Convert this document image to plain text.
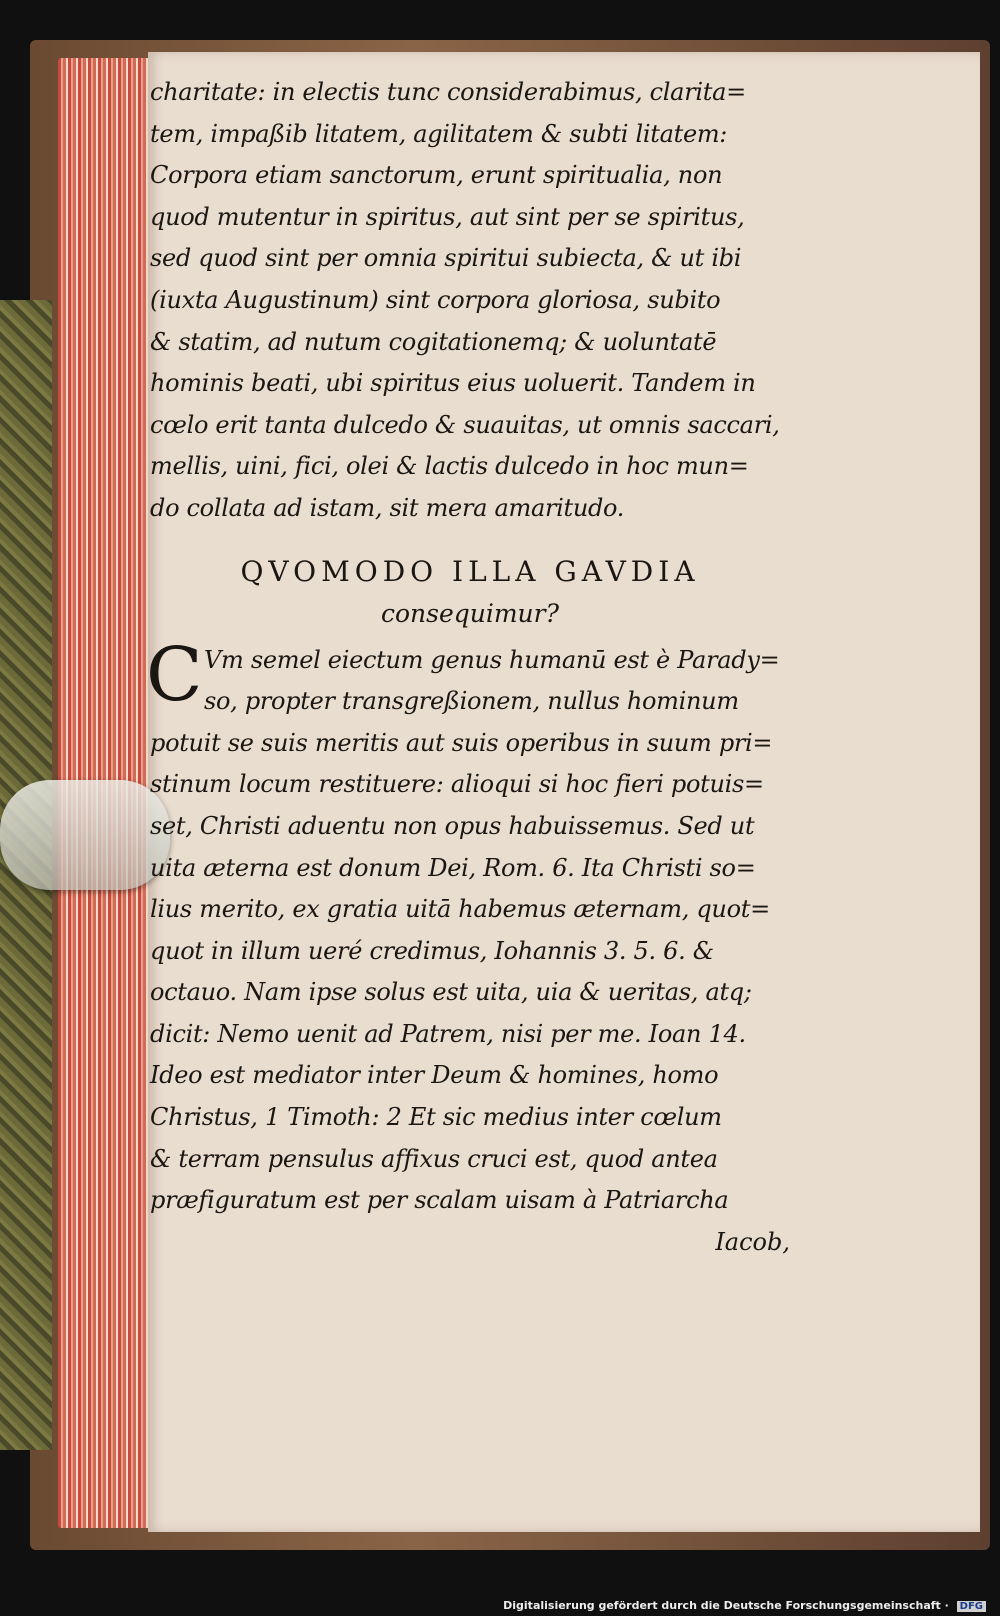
charitate: in electis tunc considerabimus, clarita=
tem, impaßib litatem, agilitatem & subti litatem:
Corpora etiam sanctorum, erunt spiritualia, non
quod mutentur in spiritus, aut sint per se spiritus,
sed quod sint per omnia spiritui subiecta, & ut ibi
(iuxta Augustinum) sint corpora gloriosa, subito
& statim, ad nutum cogitationemq; & uoluntatē
hominis beati, ubi spiritus eius uoluerit. Tandem in
cœlo erit tanta dulcedo & suauitas, ut omnis saccari,
mellis, uini, fici, olei & lactis dulcedo in hoc mun=
do collata ad istam, sit mera amaritudo.
QVOMODO ILLA GAVDIA
consequimur?
C Vm semel eiectum genus humanū est è Parady=
so, propter transgreßionem, nullus hominum
potuit se suis meritis aut suis operibus in suum pri=
stinum locum restituere: alioqui si hoc fieri potuis=
set, Christi aduentu non opus habuissemus. Sed ut
uita æterna est donum Dei, Rom. 6. Ita Christi so=
lius merito, ex gratia uitā habemus æternam, quot=
quot in illum ueré credimus, Iohannis 3. 5. 6. &
octauo. Nam ipse solus est uita, uia & ueritas, atq;
dicit: Nemo uenit ad Patrem, nisi per me. Ioan 14.
Ideo est mediator inter Deum & homines, homo
Christus, 1 Timoth: 2 Et sic medius inter cœlum
& terram pensulus affixus cruci est, quod antea
præfiguratum est per scalam uisam à Patriarcha
Iacob,
Digitalisierung gefördert durch die Deutsche Forschungsgemeinschaft · DFG
